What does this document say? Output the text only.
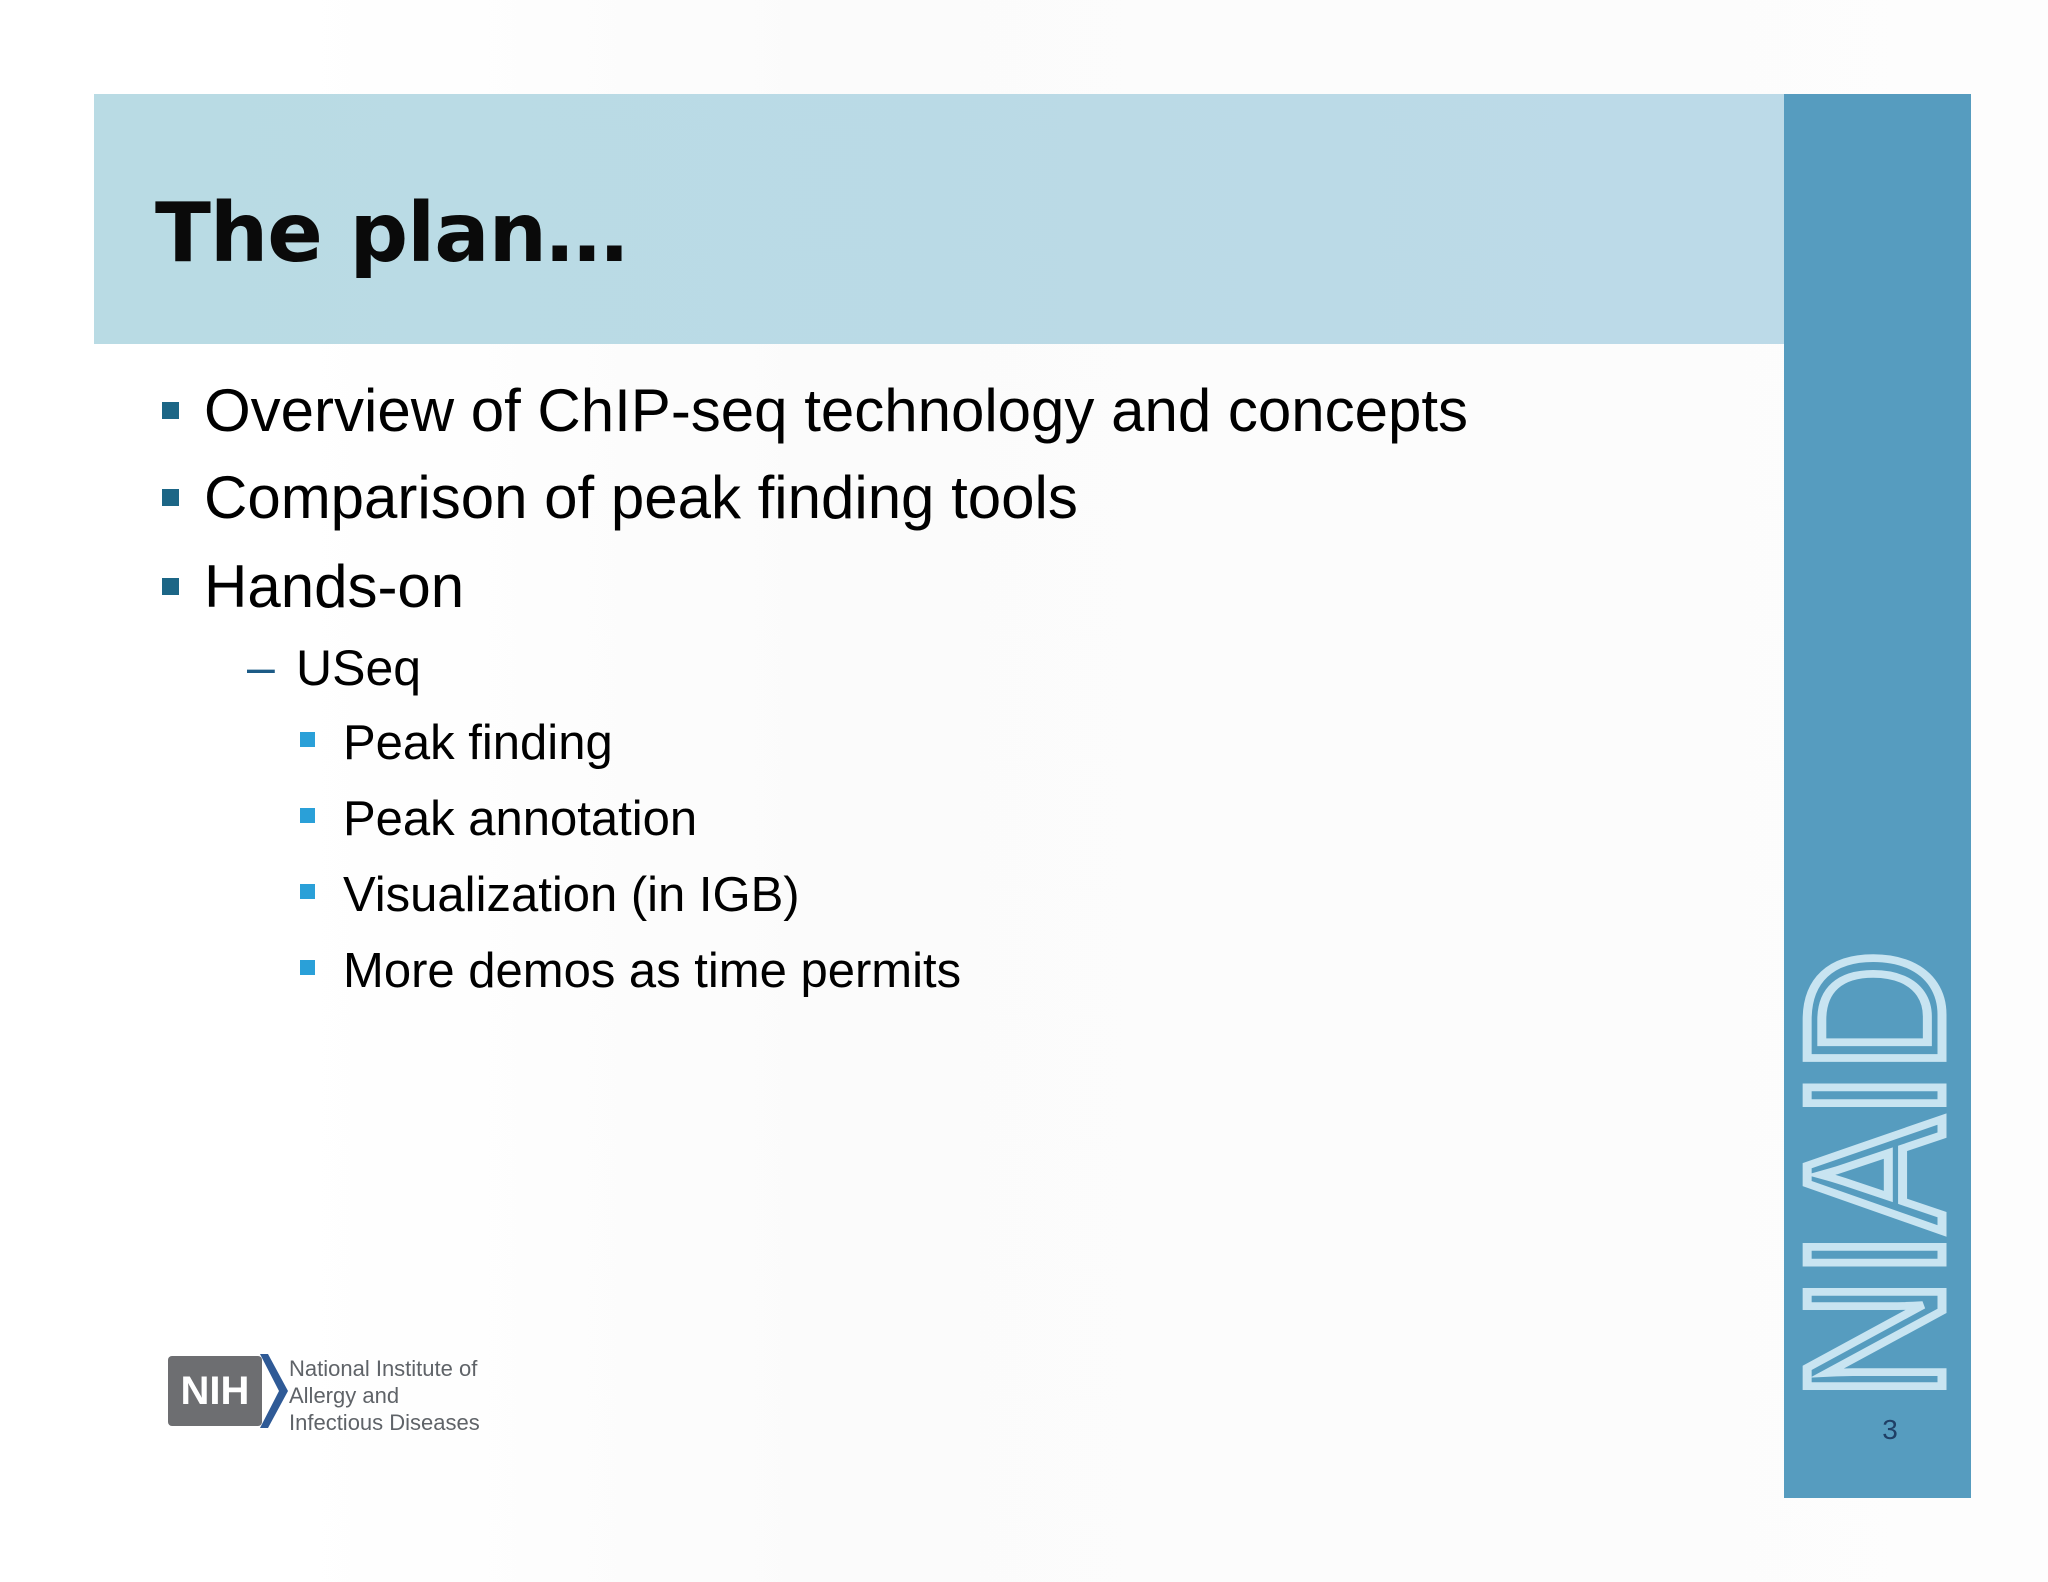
The plan…
NIAID
3
Overview of ChIP-seq technology and concepts
Comparison of peak finding tools
Hands-on
– USeq
Peak finding
Peak annotation
Visualization (in IGB)
More demos as time permits
NIH
National Institute of
Allergy and
Infectious Diseases
